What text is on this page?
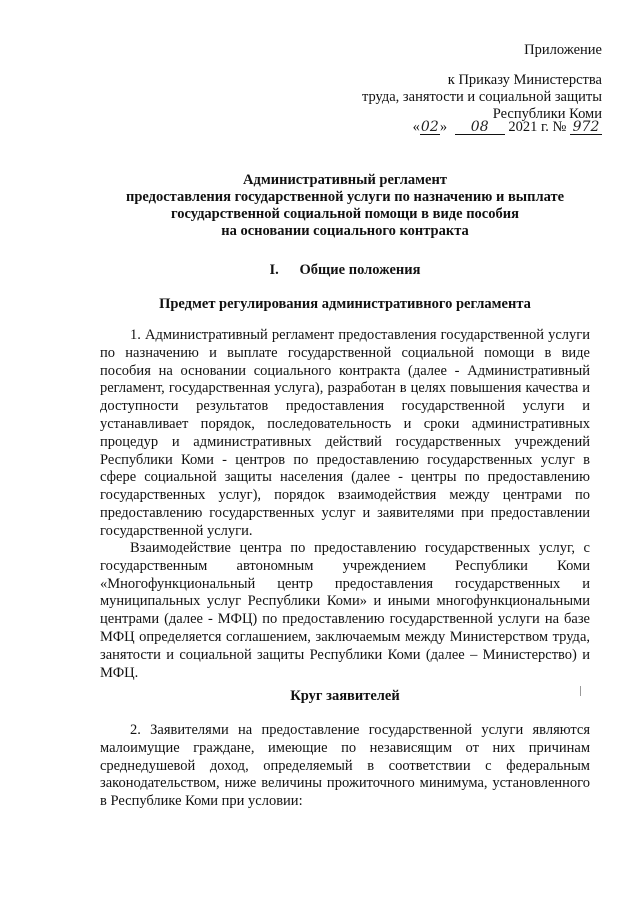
Приложение
к Приказу Министерства
труда, занятости и социальной защиты
Республики Коми
«02» 08 2021 г. № 972
Административный регламент
предоставления государственной услуги по назначению и выплате
государственной социальной помощи в виде пособия
на основании социального контракта
I. Общие положения
Предмет регулирования административного регламента
1. Административный регламент предоставления государственной услуги по назначению и выплате государственной социальной помощи в виде пособия на основании социального контракта (далее - Административный регламент, государственная услуга), разработан в целях повышения качества и доступности результатов предоставления государственной услуги и устанавливает порядок, последовательность и сроки административных процедур и административных действий государственных учреждений Республики Коми - центров по предоставлению государственных услуг в сфере социальной защиты населения (далее - центры по предоставлению государственных услуг), порядок взаимодействия между центрами по предоставлению государственных услуг и заявителями при предоставлении государственной услуги.
Взаимодействие центра по предоставлению государственных услуг, с государственным автономным учреждением Республики Коми «Многофункциональный центр предоставления государственных и муниципальных услуг Республики Коми» и иными многофункциональными центрами (далее - МФЦ) по предоставлению государственной услуги на базе МФЦ определяется соглашением, заключаемым между Министерством труда, занятости и социальной защиты Республики Коми (далее – Министерство) и МФЦ.
Круг заявителей
2. Заявителями на предоставление государственной услуги являются малоимущие граждане, имеющие по независящим от них причинам среднедушевой доход, определяемый в соответствии с федеральным законодательством, ниже величины прожиточного минимума, установленного в Республике Коми при условии:
